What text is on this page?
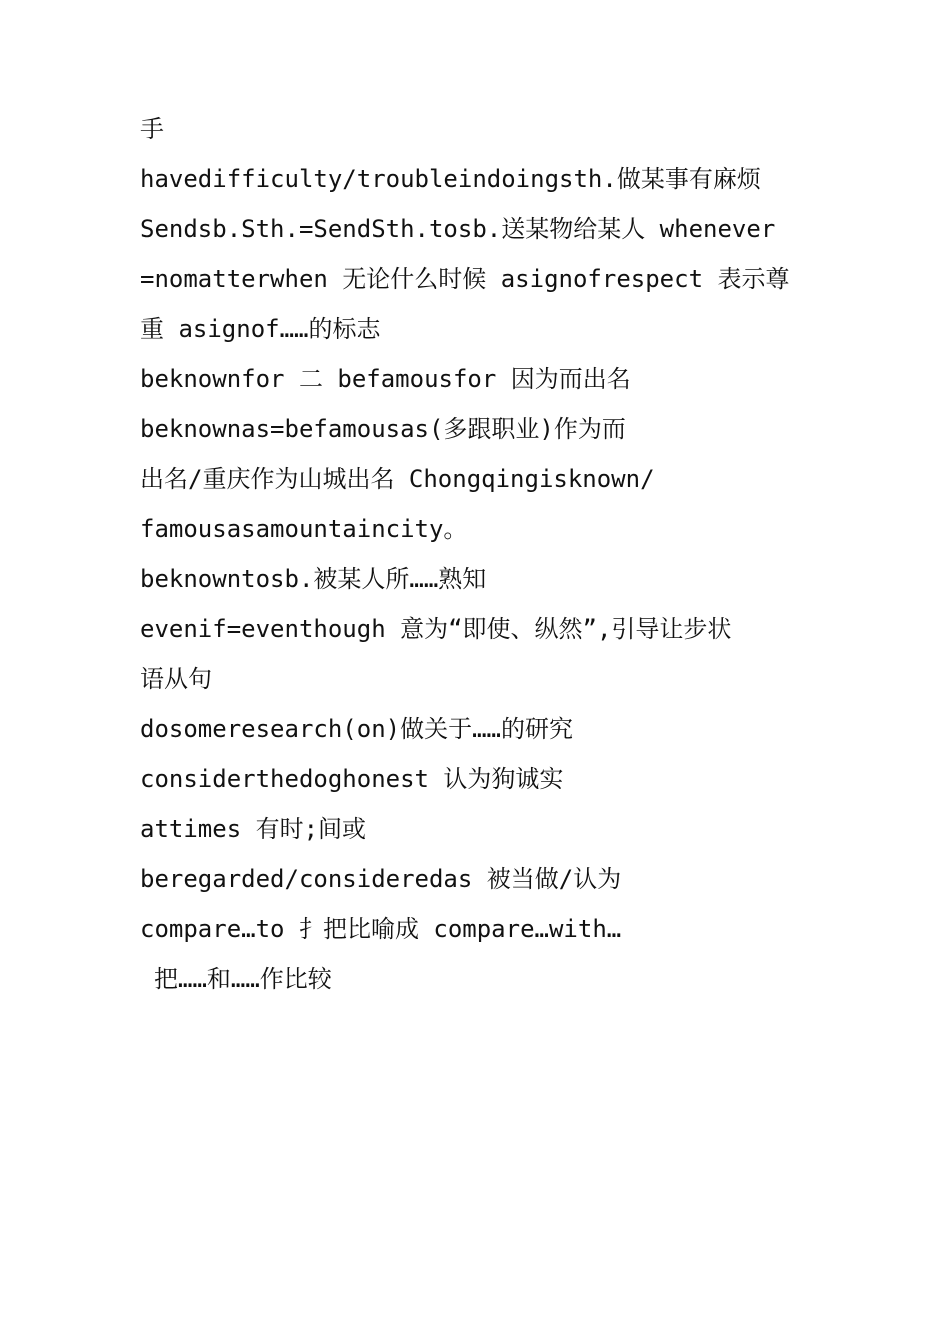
手
havedifficulty/troubleindoingsth.做某事有麻烦
Sendsb.Sth.=SendSth.tosb.送某物给某人 whenever
=nomatterwhen 无论什么时候 asignofrespect 表示尊
重 asignof……的标志
beknownfor 二 befamousfor 因为而出名
beknownas=befamousas(多跟职业)作为而
出名/重庆作为山城出名 Chongqingisknown/
famousasamountaincity。
beknowntosb.被某人所……熟知
evenif=eventhough 意为“即使、纵然”,引导让步状
语从句
dosomeresearch(on)做关于……的研究
considerthedoghonest 认为狗诚实
attimes 有时;间或
beregarded/consideredas 被当做/认为
compare…to 扌把比喻成 compare…with…
把……和……作比较
